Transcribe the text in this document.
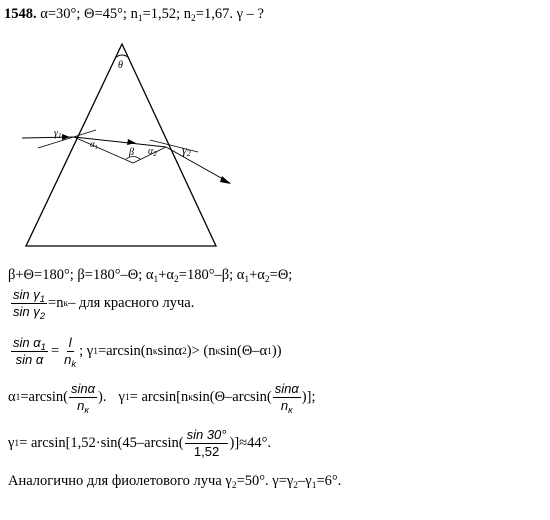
1548. α=30°; Θ=45°; $n_1=1,52$; $n_2=1,67$. γ – ?
θ
$\gamma_1$
$\alpha_1$	β $\alpha_2$ γ2
β+Θ=180°; β=180°–Θ; $\alpha_1+\alpha_2=180^\circ-\beta$; $\alpha_1+\alpha_2=\Theta$;
$\frac{\sin \gamma_1}{\sin \gamma_2} =n$ к – для красного луча.
$\frac{\sin \alpha_1}{\text{sin α}} = \frac{l}{n_k}$ ; γ 1 =arcsin(n к sinα 2 )> (n к sin(Θ–α 1 ))
α $1 =\arcsin( \frac{\sin\alpha}{n_к}$ ). γ 1 = arcsin[n к $\sin(\Theta-\arcsin( \frac{\sin\alpha}{n_к}$ )];
γ $1 = \arcsin[1,52\cdot\sin(45-\arcsin( \frac{\sin 30^\circ}{1,52} )]\approx 44^\circ$.
Аналогично для фиолетового луча $\gamma_2=50^\circ$. $\gamma=\gamma_2-\gamma_1=6^\circ$.
